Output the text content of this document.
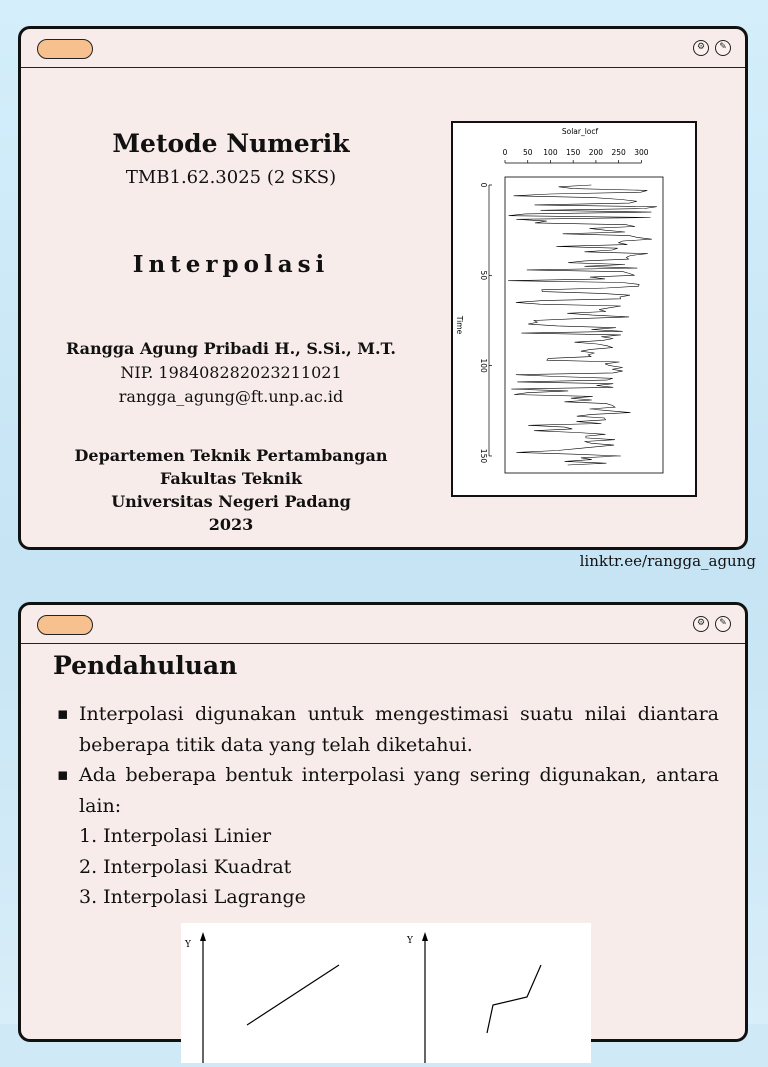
⚙	✎
Metode Numerik
TMB1.62.3025 (2 SKS)
Interpolasi
Rangga Agung Pribadi H., S.Si., M.T.
NIP. 198408282023211021
rangga_agung@ft.unp.ac.id
Departemen Teknik Pertambangan
Fakultas Teknik
Universitas Negeri Padang
2023
Solar_locf
0 50 100 150 200 250 300
0
50
100
150
Time
linktr.ee/rangga_agung
⚙	✎
Pendahuluan
▪ Interpolasi digunakan untuk mengestimasi suatu nilai diantara beberapa titik data yang telah diketahui.
▪ Ada beberapa bentuk interpolasi yang sering digunakan, antara lain:
1. Interpolasi Linier
2. Interpolasi Kuadrat
3. Interpolasi Lagrange
Y	Y
